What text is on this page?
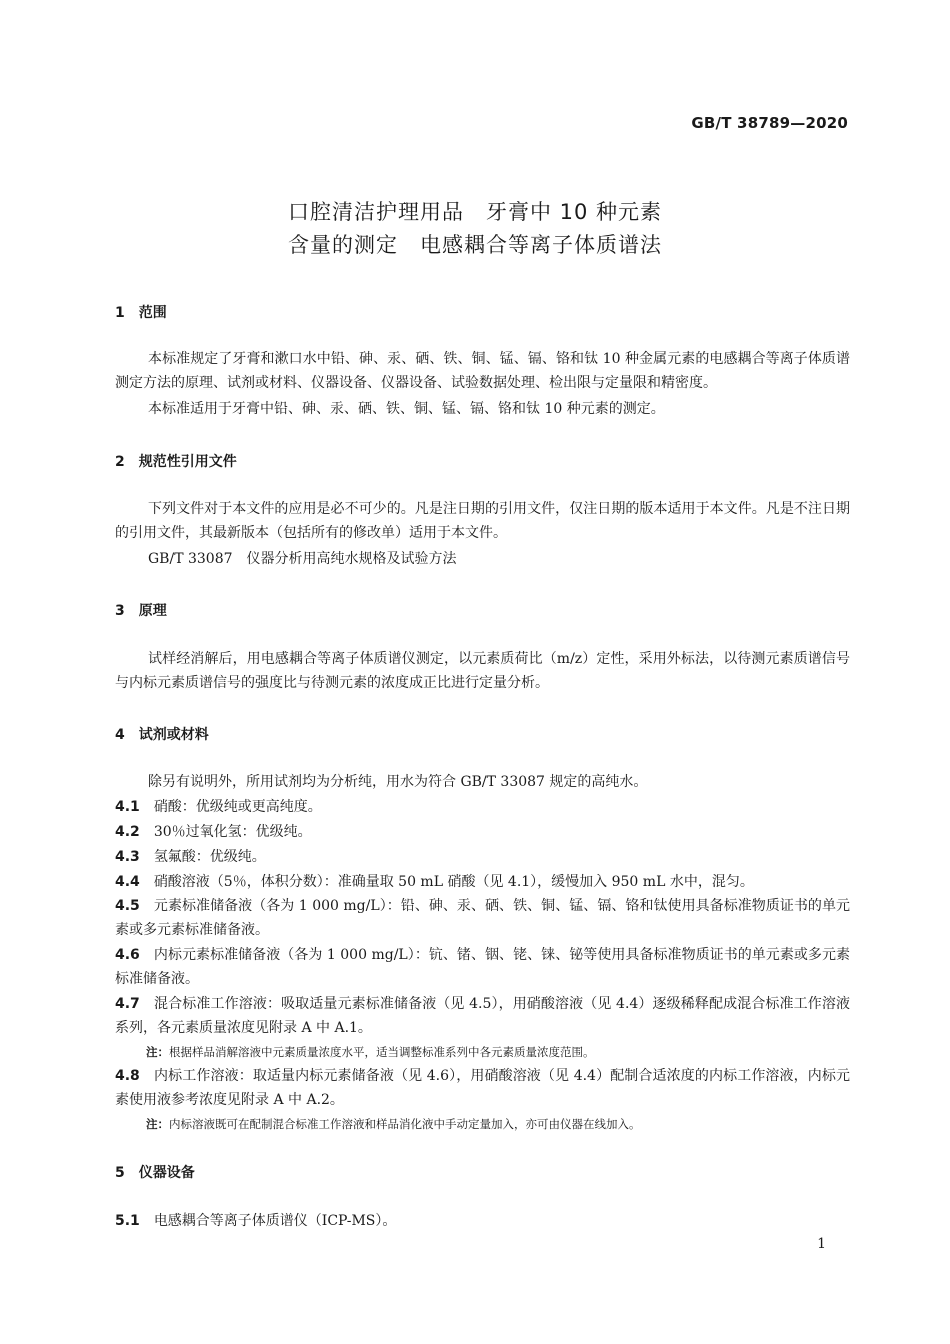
GB/T 38789—2020
口腔清洁护理用品　牙膏中 10 种元素
含量的测定　电感耦合等离子体质谱法
1　范围
本标准规定了牙膏和漱口水中铅、砷、汞、硒、铁、铜、锰、镉、铬和钛 10 种金属元素的电感耦合等离子体质谱测定方法的原理、试剂或材料、仪器设备、仪器设备、试验数据处理、检出限与定量限和精密度。
本标准适用于牙膏中铅、砷、汞、硒、铁、铜、锰、镉、铬和钛 10 种元素的测定。
2　规范性引用文件
下列文件对于本文件的应用是必不可少的。凡是注日期的引用文件，仅注日期的版本适用于本文件。凡是不注日期的引用文件，其最新版本（包括所有的修改单）适用于本文件。
GB/T 33087　仪器分析用高纯水规格及试验方法
3　原理
试样经消解后，用电感耦合等离子体质谱仪测定，以元素质荷比（m/z）定性，采用外标法，以待测元素质谱信号与内标元素质谱信号的强度比与待测元素的浓度成正比进行定量分析。
4　试剂或材料
除另有说明外，所用试剂均为分析纯，用水为符合 GB/T 33087 规定的高纯水。
4.1　 硝酸：优级纯或更高纯度。
4.2　 30％过氧化氢：优级纯。
4.3　 氢氟酸：优级纯。
4.4　 硝酸溶液（5％，体积分数）：准确量取 50 mL 硝酸（见 4.1），缓慢加入 950 mL 水中，混匀。
4.5　 元素标准储备液（各为 1 000 mg/L）：铅、砷、汞、硒、铁、铜、锰、镉、铬和钛使用具备标准物质证书的单元素或多元素标准储备液。
4.6　 内标元素标准储备液（各为 1 000 mg/L）：钪、锗、铟、铑、铼、铋等使用具备标准物质证书的单元素或多元素标准储备液。
4.7　 混合标准工作溶液：吸取适量元素标准储备液（见 4.5），用硝酸溶液（见 4.4）逐级稀释配成混合标准工作溶液系列，各元素质量浓度见附录 A 中 A.1。
注：根据样品消解溶液中元素质量浓度水平，适当调整标准系列中各元素质量浓度范围。
4.8　 内标工作溶液：取适量内标元素储备液（见 4.6），用硝酸溶液（见 4.4）配制合适浓度的内标工作溶液，内标元素使用液参考浓度见附录 A 中 A.2。
注：内标溶液既可在配制混合标准工作溶液和样品消化液中手动定量加入，亦可由仪器在线加入。
5　仪器设备
5.1　 电感耦合等离子体质谱仪（ICP-MS）。
1
